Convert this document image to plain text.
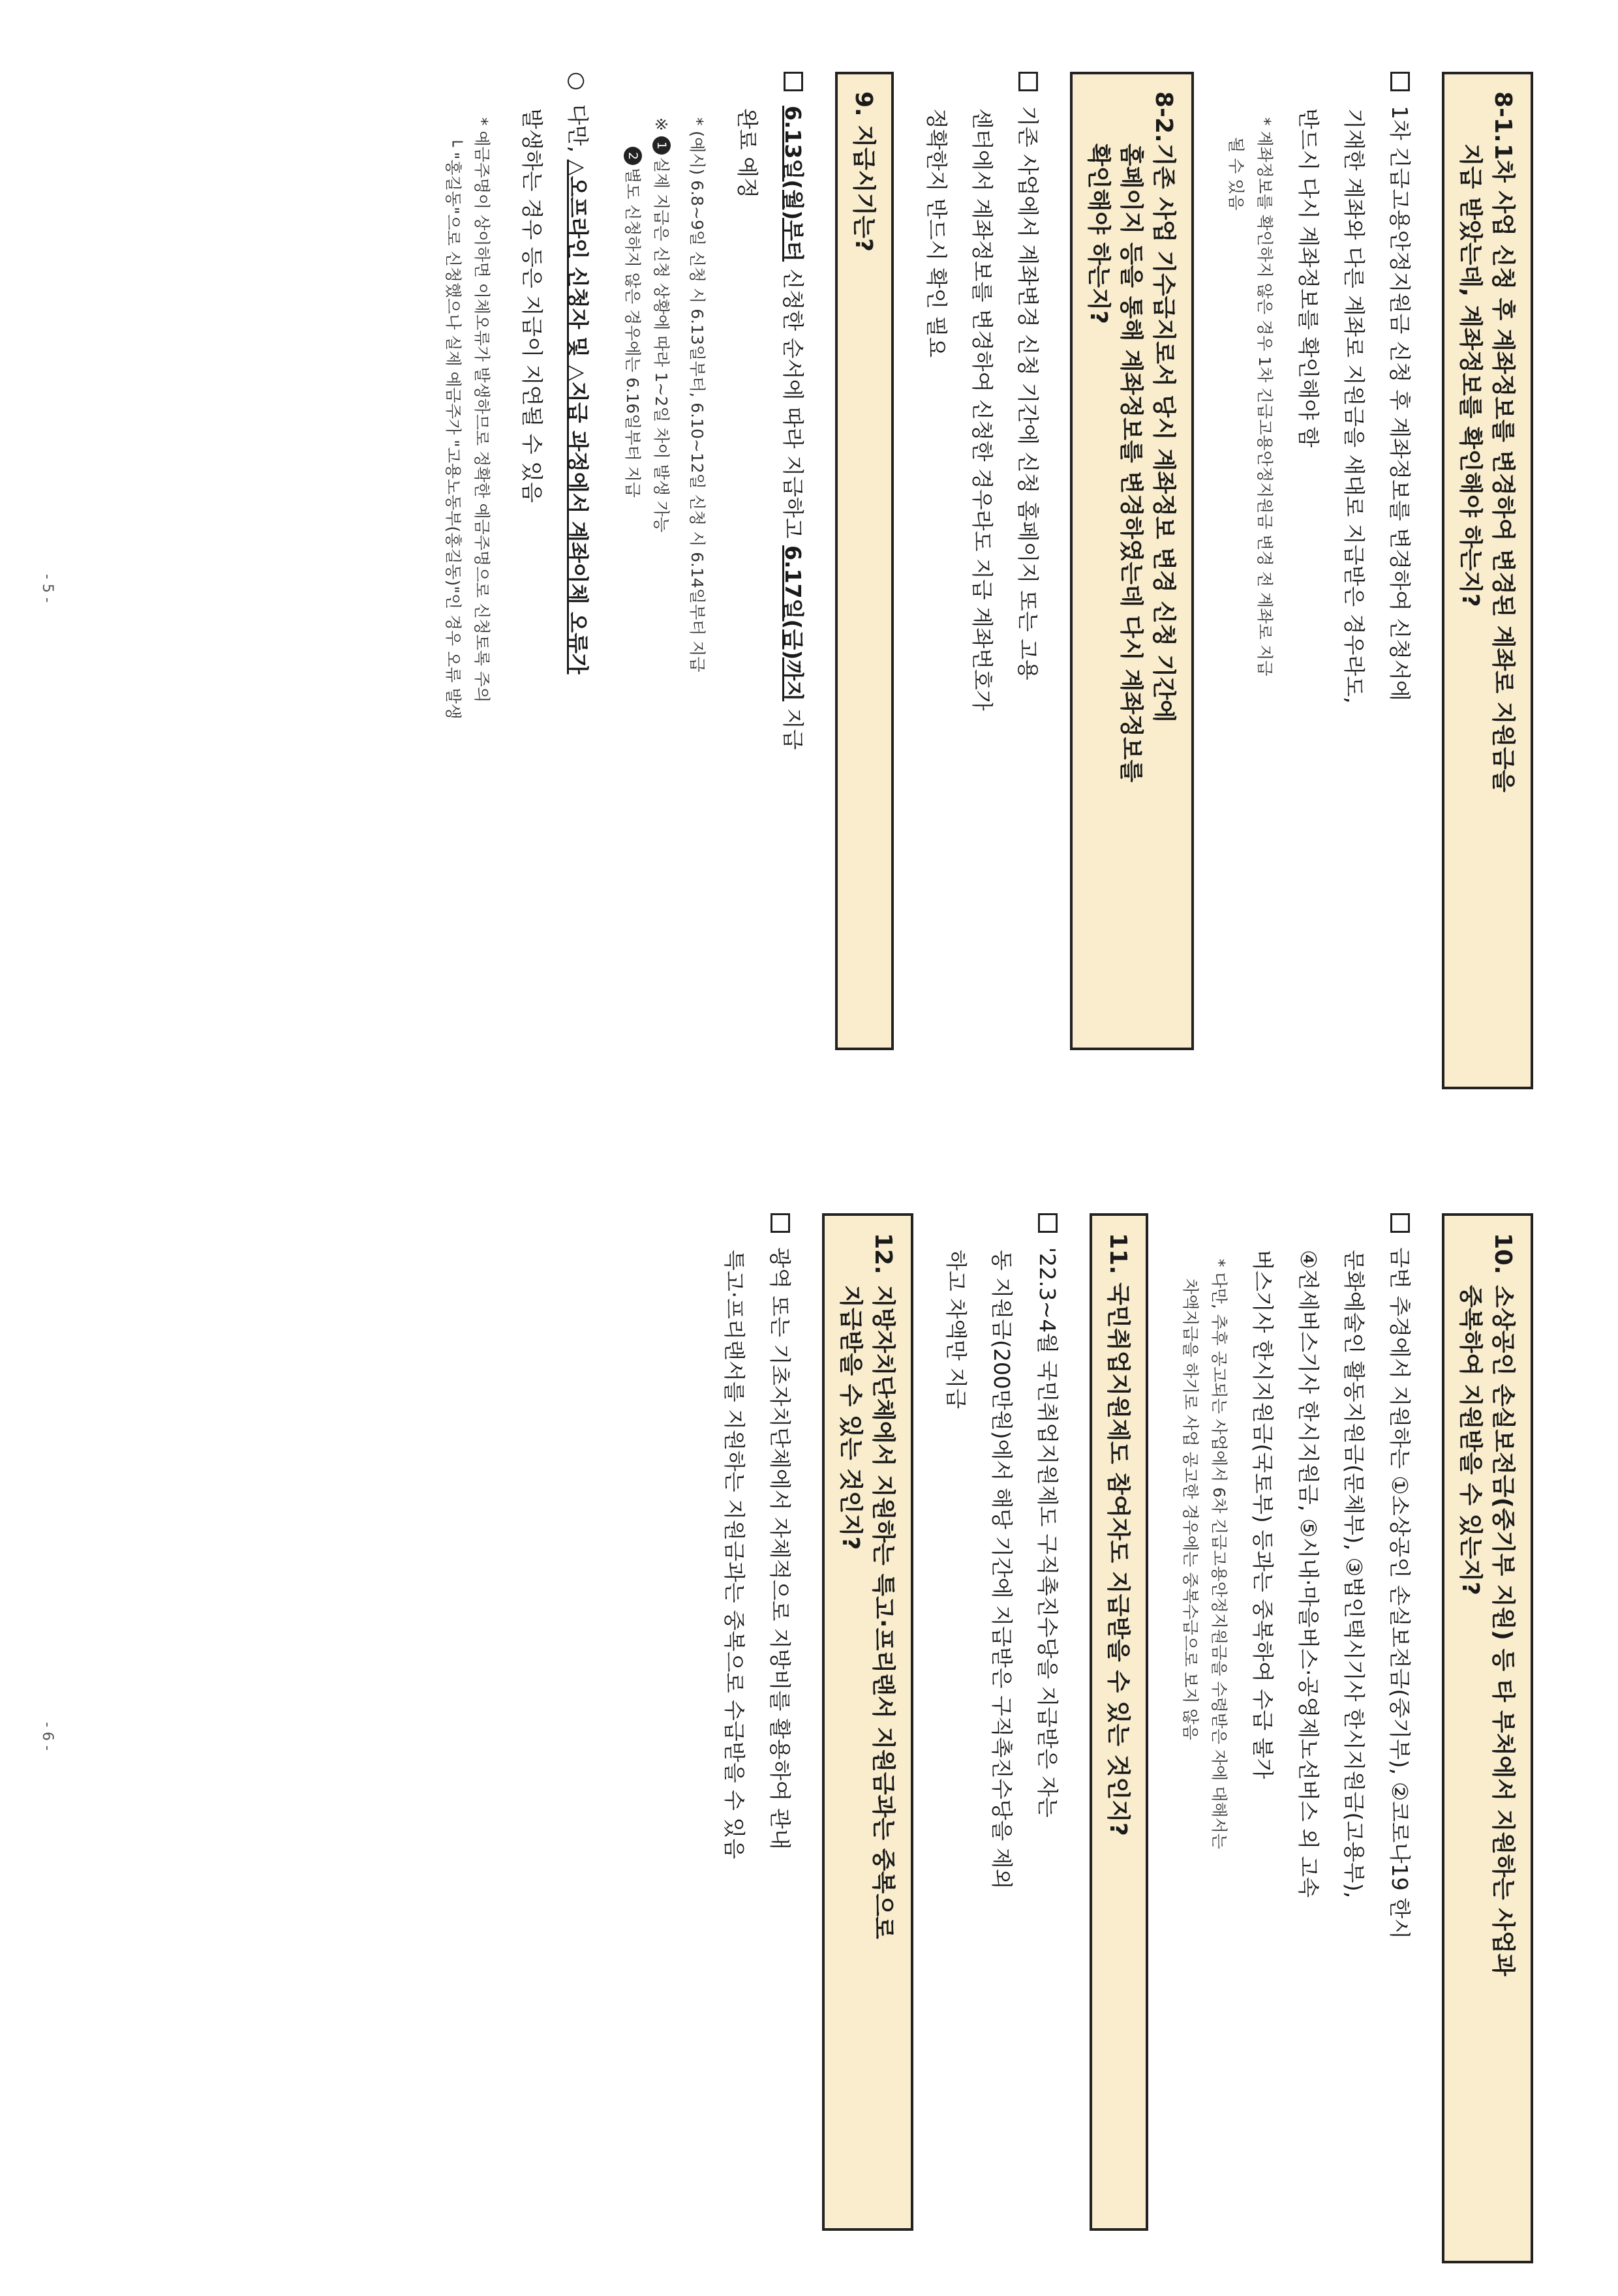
8-1.1차 사업 신청 후 계좌정보를 변경하여 변경된 계좌로 지원금을
지급 받았는데, 계좌정보를 확인해야 하는지?
1차 긴급고용안정지원금 신청 후 계좌정보를 변경하여 신청서에
기재한 계좌와 다른 계좌로 지원금을 새대로 지급받은 경우라도,
반드시 다시 계좌정보를 확인해야 함
* 계좌정보를 확인하지 않은 경우 1차 긴급고용안정지원금 변경 전 계좌로 지급
될 수 있음
8-2.기존 사업 기수급지로서 당시 계좌정보 변경 신청 기간에
홈페이지 등을 통해 계좌정보를 변경하였는데 다시 계좌정보를
확인해야 하는지?
기존 사업에서 계좌변경 신청 기간에 신청 홈페이지 또는 고용
센터에서 계좌정보를 변경하여 신청한 경우라도 지급 계좌번호가
정확한지 반드시 확인 필요
9. 지급시기는?
6.13일(월)부터 신청한 순서에 따라 지급하고 6.17일(금)까지 지급
완료 예정
* (예시) 6.8~9일 신청 시 6.13일부터, 6.10~12일 신청 시 6.14일부터 지급
※ 1실제 지급은 신청 상황에 따라 1~2일 차이 발생 가능
2별도 신청하지 않은 경우에는 6.16일부터 지급
○  다만, △오프라인 신청자 및 △지급 과정에서 계좌이체 오류가
발생하는 경우 등은 지급이 지연될 수 있음
* 예금주명이 상이하면 이체오류가 발생하므로 정확한 예금주명으로 신청토록 주의
└ "홍길동"으로 신청했으나 실제 예금주가 "고용노동부(홍길동)"인 경우 오류 발생
- 5 -
10.소상공인 손실보전금(중기부 지원) 등 타 부처에서 지원하는 사업과
중복하여 지원받을 수 있는지?
금번 추경에서 지원하는 ①소상공인 손실보전금(중기부), ②코로나19 한시
문화예술인 활동지원금(문체부), ③법인택시기사 한시지원금(고용부),
④전세버스기사 한시지원금, ⑤시내·마을버스·공영제노선버스 외 고속
버스기사 한시지원금(국토부) 등과는 중복하여 수급 불가
* 다만, 추후 공고되는 사업에서 6차 긴급고용안정지원금을 수령받은 자에 대해서는
차액지급을 하기로 사업 공고한 경우에는 중복수급으로 보지 않음
11. 국민취업지원제도 참여자도 지급받을 수 있는 것인지?
'22.3~4월 국민취업지원제도 구직촉진수당을 지급받은 자는
동 지원금(200만원)에서 해당 기간에 지급받은 구직촉진수당을 제외
하고 차액만 지급
12.지방자치단체에서 지원하는 특고·프리랜서 지원금과는 중복으로
지급받을 수 있는 것인지?
광역 또는 기초자치단체에서 자체적으로 지방비를 활용하여 관내
특고·프리랜서를 지원하는 지원금과는 중복으로 수급받을 수 있음
- 6 -
